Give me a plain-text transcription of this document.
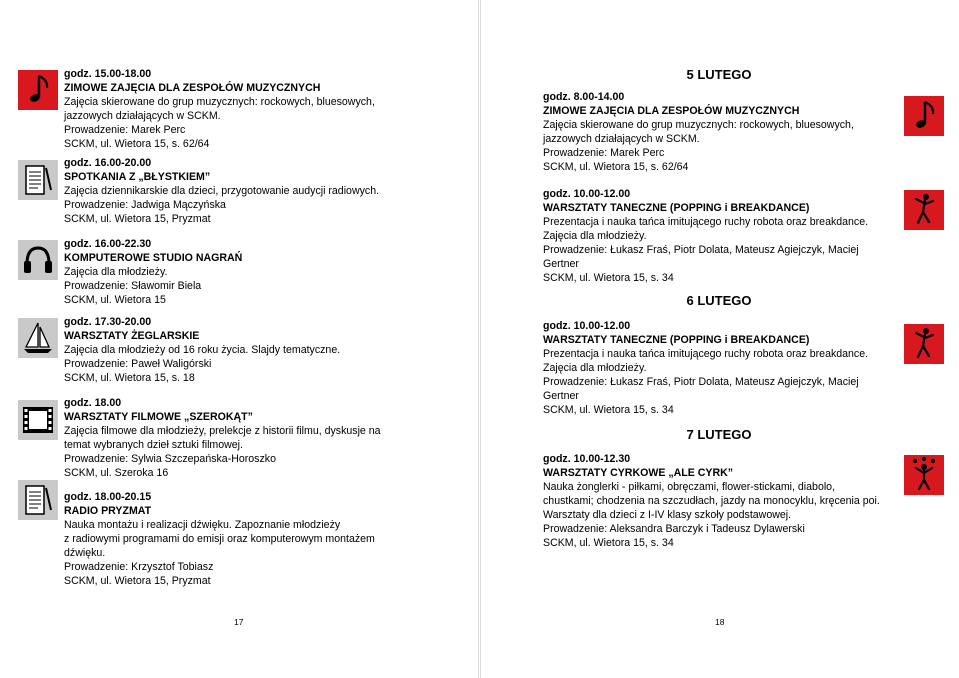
godz. 15.00-18.00
ZIMOWE ZAJĘCIA DLA ZESPOŁÓW MUZYCZNYCH
Zajęcia skierowane do grup muzycznych: rockowych, bluesowych,
jazzowych działających w SCKM.
Prowadzenie: Marek Perc
SCKM, ul. Wietora 15, s. 62/64
godz. 16.00-20.00
SPOTKANIA Z „BŁYSTKIEM”
Zajęcia dziennikarskie dla dzieci, przygotowanie audycji radiowych.
Prowadzenie: Jadwiga Mączyńska
SCKM, ul. Wietora 15, Pryzmat
godz. 16.00-22.30
KOMPUTEROWE STUDIO NAGRAŃ
Zajęcia dla młodzieży.
Prowadzenie: Sławomir Biela
SCKM, ul. Wietora 15
godz. 17.30-20.00
WARSZTATY ŻEGLARSKIE
Zajęcia dla młodzieży od 16 roku życia. Slajdy tematyczne.
Prowadzenie: Paweł Waligórski
SCKM, ul. Wietora 15, s. 18
godz. 18.00
WARSZTATY FILMOWE „SZEROKĄT”
Zajęcia filmowe dla młodzieży, prelekcje z historii filmu, dyskusje na
temat wybranych dzieł sztuki filmowej.
Prowadzenie: Sylwia Szczepańska-Horoszko
SCKM, ul. Szeroka 16
godz. 18.00-20.15
RADIO PRYZMAT
Nauka montażu i realizacji dźwięku. Zapoznanie młodzieży
z radiowymi programami do emisji oraz komputerowym montażem
dźwięku.
Prowadzenie: Krzysztof Tobiasz
SCKM, ul. Wietora 15, Pryzmat
17
5 LUTEGO
godz. 8.00-14.00
ZIMOWE ZAJĘCIA DLA ZESPOŁÓW MUZYCZNYCH
Zajęcia skierowane do grup muzycznych: rockowych, bluesowych,
jazzowych działających w SCKM.
Prowadzenie: Marek Perc
SCKM, ul. Wietora 15, s. 62/64
godz. 10.00-12.00
WARSZTATY TANECZNE (POPPING i BREAKDANCE)
Prezentacja i nauka tańca imitującego ruchy robota oraz breakdance.
Zajęcia dla młodzieży.
Prowadzenie: Łukasz Fraś, Piotr Dolata, Mateusz Agiejczyk, Maciej
Gertner
SCKM, ul. Wietora 15, s. 34
6 LUTEGO
godz. 10.00-12.00
WARSZTATY TANECZNE (POPPING i BREAKDANCE)
Prezentacja i nauka tańca imitującego ruchy robota oraz breakdance.
Zajęcia dla młodzieży.
Prowadzenie: Łukasz Fraś, Piotr Dolata, Mateusz Agiejczyk, Maciej
Gertner
SCKM, ul. Wietora 15, s. 34
7 LUTEGO
godz. 10.00-12.30
WARSZTATY CYRKOWE „ALE CYRK”
Nauka żonglerki - piłkami, obręczami, flower-stickami, diabolo,
chustkami; chodzenia na szczudłach, jazdy na monocyklu, kręcenia poi.
Warsztaty dla dzieci z I-IV klasy szkoły podstawowej.
Prowadzenie: Aleksandra Barczyk i Tadeusz Dylawerski
SCKM, ul. Wietora 15, s. 34
18
